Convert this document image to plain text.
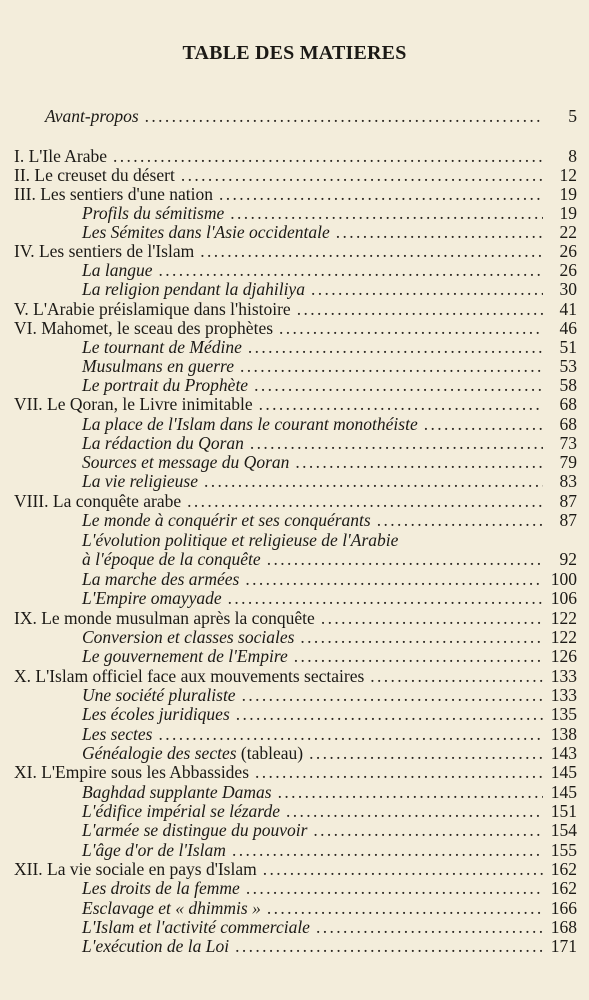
TABLE DES MATIERES
Avant-propos . . .	5
I. L'Ile Arabe . . .	8
II. Le creuset du désert . . .	12
III. Les sentiers d'une nation . . .	19
Profils du sémitisme . . .	19
Les Sémites dans l'Asie occidentale . . .	22
IV. Les sentiers de l'Islam . . .	26
La langue . . .	26
La religion pendant la djahiliya . . .	30
V. L'Arabie préislamique dans l'histoire . . .	41
VI. Mahomet, le sceau des prophètes . . .	46
Le tournant de Médine . . .	51
Musulmans en guerre . . .	53
Le portrait du Prophète . . .	58
VII. Le Qoran, le Livre inimitable . . .	68
La place de l'Islam dans le courant monothéiste . . .	68
La rédaction du Qoran . . .	73
Sources et message du Qoran . . .	79
La vie religieuse . . .	83
VIII. La conquête arabe . . .	87
Le monde à conquérir et ses conquérants . . .	87
L'évolution politique et religieuse de l'Arabie
à l'époque de la conquête . . .	92
La marche des armées . . .	100
L'Empire omayyade . . .	106
IX. Le monde musulman après la conquête . . .	122
Conversion et classes sociales . . .	122
Le gouvernement de l'Empire . . .	126
X. L'Islam officiel face aux mouvements sectaires . . .	133
Une société pluraliste . . .	133
Les écoles juridiques . . .	135
Les sectes . . .	138
Généalogie des sectes (tableau) . . .	143
XI. L'Empire sous les Abbassides . . .	145
Baghdad supplante Damas . . .	145
L'édifice impérial se lézarde . . .	151
L'armée se distingue du pouvoir . . .	154
L'âge d'or de l'Islam . . .	155
XII. La vie sociale en pays d'Islam . . .	162
Les droits de la femme . . .	162
Esclavage et « dhimmis » . . .	166
L'Islam et l'activité commerciale . . .	168
L'exécution de la Loi . . .	171
